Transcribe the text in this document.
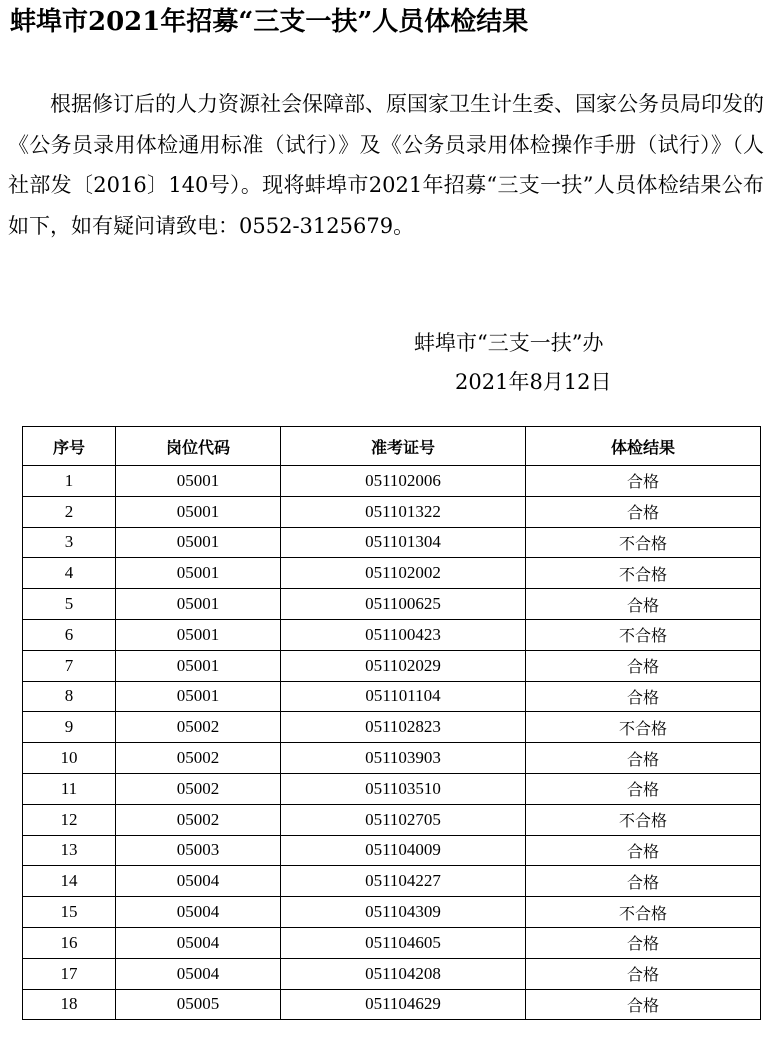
蚌埠市2021年招募“三支一扶”人员体检结果

根据修订后的人力资源社会保障部、原国家卫生计生委、国家公务员局印发的《公务员录用体检通用标准（试行）》及《公务员录用体检操作手册（试行）》（人社部发〔2016〕140号）。现将蚌埠市2021年招募“三支一扶”人员体检结果公布如下，如有疑问请致电：0552-3125679。

蚌埠市“三支一扶”办
2021年8月12日
序号	岗位代码	准考证号	体检结果
1	05001	051102006	合格
2	05001	051101322	合格
3	05001	051101304	不合格
4	05001	051102002	不合格
5	05001	051100625	合格
6	05001	051100423	不合格
7	05001	051102029	合格
8	05001	051101104	合格
9	05002	051102823	不合格
10	05002	051103903	合格
11	05002	051103510	合格
12	05002	051102705	不合格
13	05003	051104009	合格
14	05004	051104227	合格
15	05004	051104309	不合格
16	05004	051104605	合格
17	05004	051104208	合格
18	05005	051104629	合格
